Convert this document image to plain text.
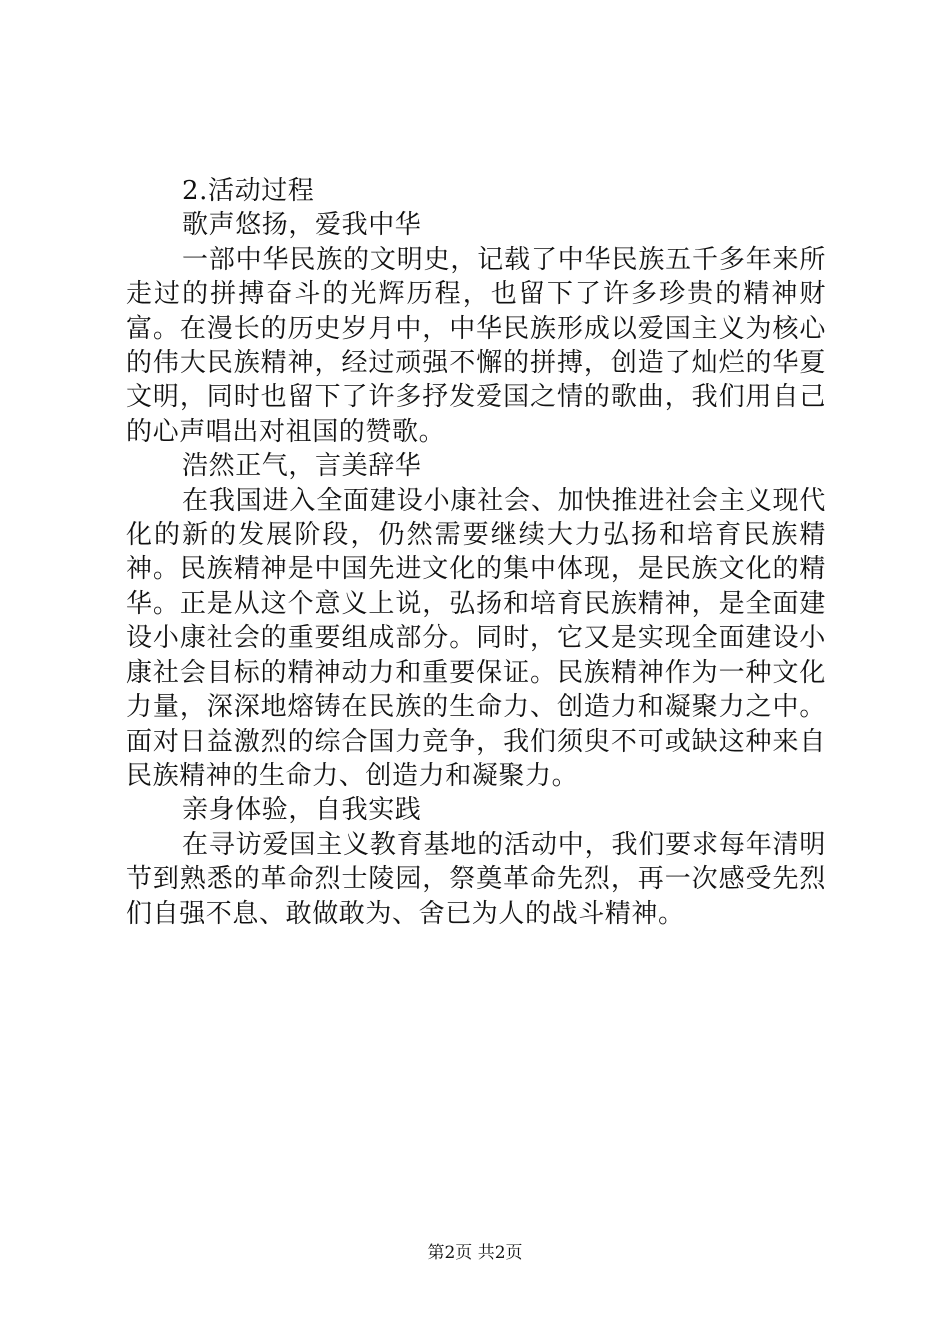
2.活动过程
歌声悠扬，爱我中华
一部中华民族的文明史，记载了中华民族五千多年来所走过的拼搏奋斗的光辉历程，也留下了许多珍贵的精神财富。在漫长的历史岁月中，中华民族形成以爱国主义为核心的伟大民族精神，经过顽强不懈的拼搏，创造了灿烂的华夏文明，同时也留下了许多抒发爱国之情的歌曲，我们用自己的心声唱出对祖国的赞歌。
浩然正气，言美辞华
在我国进入全面建设小康社会、加快推进社会主义现代化的新的发展阶段，仍然需要继续大力弘扬和培育民族精神。民族精神是中国先进文化的集中体现，是民族文化的精华。正是从这个意义上说，弘扬和培育民族精神，是全面建设小康社会的重要组成部分。同时，它又是实现全面建设小康社会目标的精神动力和重要保证。民族精神作为一种文化力量，深深地熔铸在民族的生命力、创造力和凝聚力之中。面对日益激烈的综合国力竞争，我们须臾不可或缺这种来自民族精神的生命力、创造力和凝聚力。
亲身体验，自我实践
在寻访爱国主义教育基地的活动中，我们要求每年清明节到熟悉的革命烈士陵园，祭奠革命先烈，再一次感受先烈们自强不息、敢做敢为、舍已为人的战斗精神。
第2页 共2页
